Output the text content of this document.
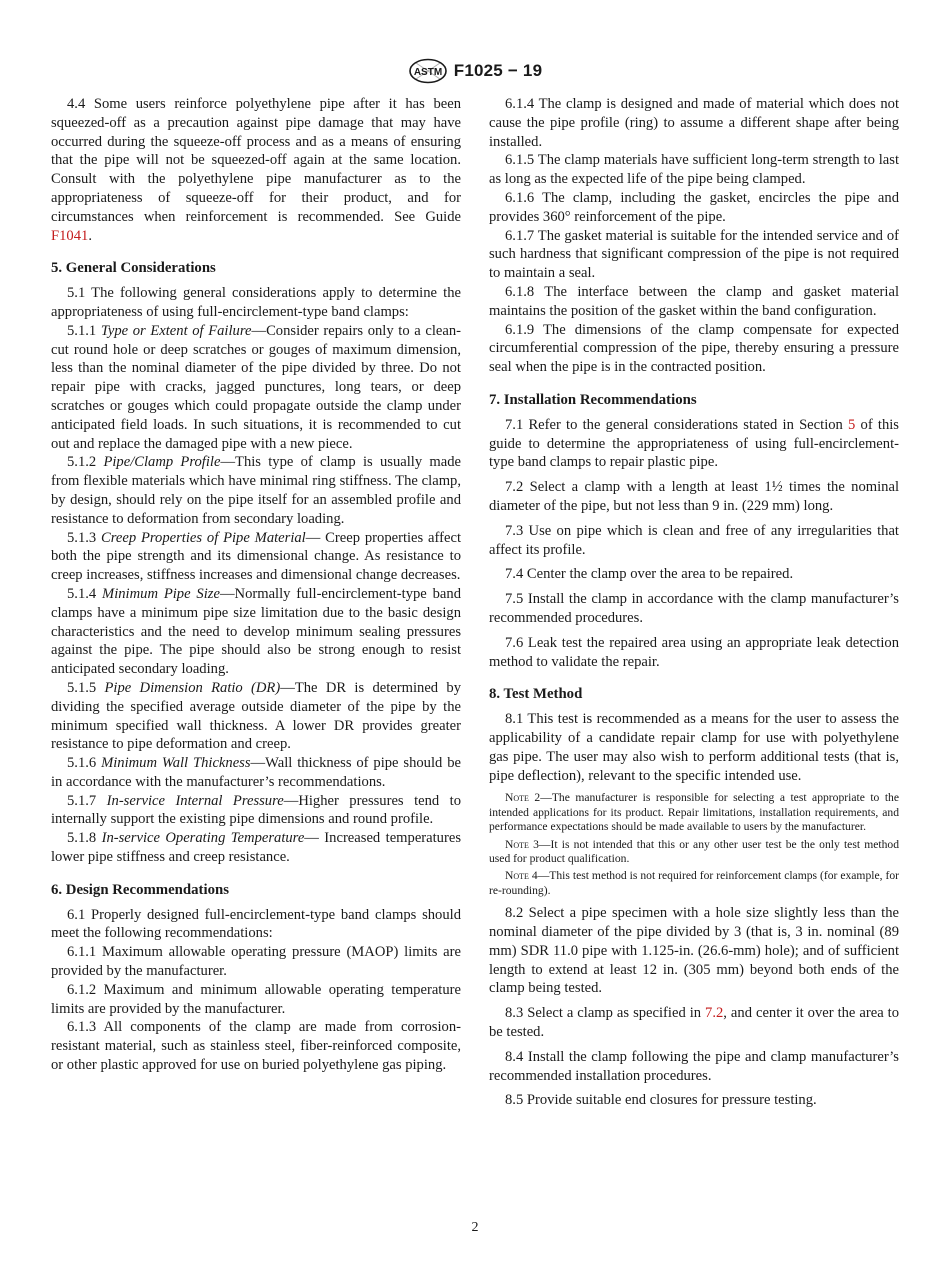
ASTM F1025 − 19

4.4 Some users reinforce polyethylene pipe after it has been squeezed-off as a precaution against pipe damage that may have occurred during the squeeze-off process and as a means of ensuring that the pipe will not be squeezed-off again at the same location. Consult with the polyethylene pipe manufacturer as to the appropriateness of squeeze-off for their product, and for circumstances when reinforcement is recommended. See Guide F1041.

5. General Considerations

5.1 The following general considerations apply to determine the appropriateness of using full-encirclement-type band clamps:

5.1.1 Type or Extent of Failure—Consider repairs only to a clean-cut round hole or deep scratches or gouges of maximum dimension, less than the nominal diameter of the pipe divided by three. Do not repair pipe with cracks, jagged punctures, long tears, or deep scratches or gouges which could propagate outside the clamp under anticipated field loads. In such situations, it is recommended to cut out and replace the damaged pipe with a new piece.

5.1.2 Pipe/Clamp Profile—This type of clamp is usually made from flexible materials which have minimal ring stiffness. The clamp, by design, should rely on the pipe itself for an assembled profile and resistance to deformation from secondary loading.

5.1.3 Creep Properties of Pipe Material— Creep properties affect both the pipe strength and its dimensional change. As resistance to creep increases, stiffness increases and dimensional change decreases.

5.1.4 Minimum Pipe Size—Normally full-encirclement-type band clamps have a minimum pipe size limitation due to the basic design characteristics and the need to develop minimum sealing pressures against the pipe. The pipe should also be strong enough to resist anticipated secondary loading.

5.1.5 Pipe Dimension Ratio (DR)—The DR is determined by dividing the specified average outside diameter of the pipe by the minimum specified wall thickness. A lower DR provides greater resistance to pipe deformation and creep.

5.1.6 Minimum Wall Thickness—Wall thickness of pipe should be in accordance with the manufacturer’s recommendations.

5.1.7 In-service Internal Pressure—Higher pressures tend to internally support the existing pipe dimensions and round profile.

5.1.8 In-service Operating Temperature— Increased temperatures lower pipe stiffness and creep resistance.

6. Design Recommendations

6.1 Properly designed full-encirclement-type band clamps should meet the following recommendations:

6.1.1 Maximum allowable operating pressure (MAOP) limits are provided by the manufacturer.

6.1.2 Maximum and minimum allowable operating temperature limits are provided by the manufacturer.

6.1.3 All components of the clamp are made from corrosion-resistant material, such as stainless steel, fiber-reinforced composite, or other plastic approved for use on buried polyethylene gas piping.

6.1.4 The clamp is designed and made of material which does not cause the pipe profile (ring) to assume a different shape after being installed.

6.1.5 The clamp materials have sufficient long-term strength to last as long as the expected life of the pipe being clamped.

6.1.6 The clamp, including the gasket, encircles the pipe and provides 360° reinforcement of the pipe.

6.1.7 The gasket material is suitable for the intended service and of such hardness that significant compression of the pipe is not required to maintain a seal.

6.1.8 The interface between the clamp and gasket material maintains the position of the gasket within the band configuration.

6.1.9 The dimensions of the clamp compensate for expected circumferential compression of the pipe, thereby ensuring a pressure seal when the pipe is in the contracted position.

7. Installation Recommendations

7.1 Refer to the general considerations stated in Section 5 of this guide to determine the appropriateness of using full-encirclement-type band clamps to repair plastic pipe.

7.2 Select a clamp with a length at least 1½ times the nominal diameter of the pipe, but not less than 9 in. (229 mm) long.

7.3 Use on pipe which is clean and free of any irregularities that affect its profile.

7.4 Center the clamp over the area to be repaired.

7.5 Install the clamp in accordance with the clamp manufacturer’s recommended procedures.

7.6 Leak test the repaired area using an appropriate leak detection method to validate the repair.

8. Test Method

8.1 This test is recommended as a means for the user to assess the applicability of a candidate repair clamp for use with polyethylene gas pipe. The user may also wish to perform additional tests (that is, pipe deflection), relevant to the specific intended use.

Note 2—The manufacturer is responsible for selecting a test appropriate to the intended applications for its product. Repair limitations, installation requirements, and performance expectations should be made available to users by the manufacturer.

Note 3—It is not intended that this or any other user test be the only test method used for product qualification.

Note 4—This test method is not required for reinforcement clamps (for example, for re-rounding).

8.2 Select a pipe specimen with a hole size slightly less than the nominal diameter of the pipe divided by 3 (that is, 3 in. nominal (89 mm) SDR 11.0 pipe with 1.125-in. (26.6-mm) hole); and of sufficient length to extend at least 12 in. (305 mm) beyond both ends of the clamp being tested.

8.3 Select a clamp as specified in 7.2, and center it over the area to be tested.

8.4 Install the clamp following the pipe and clamp manufacturer’s recommended installation procedures.

8.5 Provide suitable end closures for pressure testing.

2
